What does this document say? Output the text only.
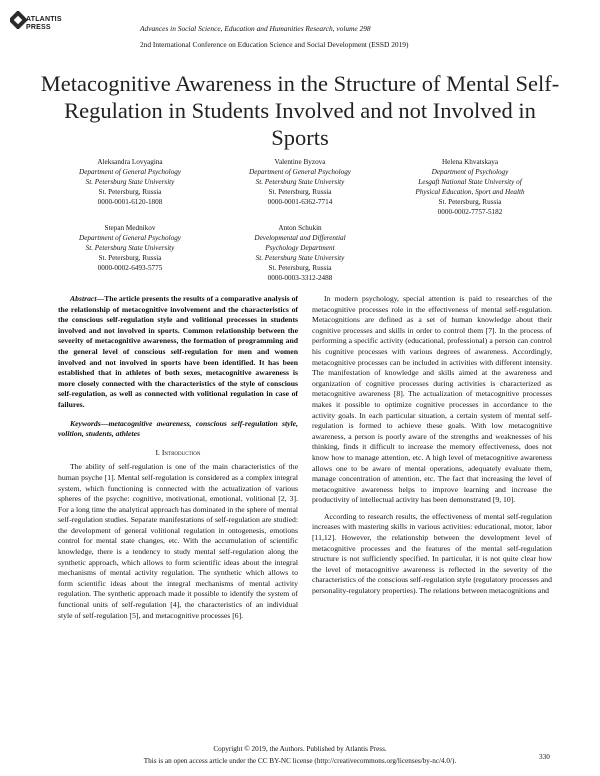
ATLANTIS
PRESS	Advances in Social Science, Education and Humanities Research, volume 298
2nd International Conference on Education Science and Social Development (ESSD 2019)
Metacognitive Awareness in the Structure of Mental Self-Regulation in Students Involved and not Involved in Sports
Aleksandra Lovyagina
Department of General Psychology
St. Petersburg State University
St. Petersburg, Russia
0000-0001-6120-1808
Valentine Byzova
Department of General Psychology
St. Petersburg State University
St. Petersburg, Russia
0000-0001-6362-7714
Helena Khvatskaya
Department of Psychology
Lesgaft National State University of
Physical Education, Sport and Health
St. Petersburg, Russia
0000-0002-7757-5182
Stepan Mednikov
Department of General Psychology
St. Petersburg State University
St. Petersburg, Russia
0000-0002-6493-5775
Anton Schukin
Developmental and Differential
Psychology Department
St. Petersburg State University
St. Petersburg, Russia
0000-0003-3312-2488

Abstract—The article presents the results of a comparative analysis of the relationship of metacognitive involvement and the characteristics of the conscious self-regulation style and volitional processes in students involved and not involved in sports. Common relationship between the severity of metacognitive awareness, the formation of programming and the general level of conscious self-regulation for men and women involved and not involved in sports have been identified. It has been established that in athletes of both sexes, metacognitive awareness is more closely connected with the characteristics of the style of conscious self-regulation, as well as connected with volitional regulation in case of failures.

Keywords—metacognitive awareness, conscious self-regulation style, volition, students, athletes

I. Introduction

The ability of self-regulation is one of the main characteristics of the human psyche [1]. Mental self-regulation is considered as a complex integral system, which functioning is connected with the actualization of various spheres of the psyche: cognitive, motivational, emotional, volitional [2, 3]. For a long time the analytical approach has dominated in the sphere of mental self-regulation studies. Separate manifestations of self-regulation are studied: the development of general volitional regulation in ontogenesis, emotions control for mental state changes, etc. With the accumulation of scientific knowledge, there is a tendency to study mental self-regulation along the synthetic approach, which allows to form scientific ideas about the integral mechanisms of mental activity regulation. The synthetic which allows to form scientific ideas about the integral mechanisms of mental activity regulation. The synthetic approach made it possible to identify the system of functional units of self-regulation [4], the characteristics of an individual style of self-regulation [5], and metacognitive processes [6].

In modern psychology, special attention is paid to researches of the metacognitive processes role in the effectiveness of mental self-regulation. Metacognitions are defined as a set of human knowledge about their cognitive processes and skills in order to control them [7]. In the process of performing a specific activity (educational, professional) a person can control his cognitive processes with various degrees of awareness. Accordingly, metacognitive processes can be included in activities with different intensity. The manifestation of knowledge and skills aimed at the awareness and organization of cognitive processes during activities is characterized as metacognitive awareness [8]. The actualization of metacognitive processes makes it possible to optimize cognitive processes in accordance to the activity goals. In each particular situation, a certain system of mental self-regulation is formed to achieve these goals. With low metacognitive awareness, a person is poorly aware of the strengths and weaknesses of his thinking, finds it difficult to increase the memory effectiveness, does not know how to manage attention, etc. A high level of metacognitive awareness allows one to be aware of mental operations, adequately evaluate them, manage concentration of attention, etc. The fact that increasing the level of metacognitive awareness helps to improve learning and increase the productivity of intellectual activity has been demonstrated [9, 10].

According to research results, the effectiveness of mental self-regulation increases with mastering skills in various activities: educational, motor, labor [11,12]. However, the relationship between the development level of metacognitive processes and the features of the mental self-regulation structure is not sufficiently specified. In particular, it is not quite clear how the level of metacognitive awareness is reflected in the severity of the characteristics of the conscious self-regulation style (regulatory processes and personality-regulatory properties). The relations between metacognitions and

Copyright © 2019, the Authors. Published by Atlantis Press.
This is an open access article under the CC BY-NC license (http://creativecommons.org/licenses/by-nc/4.0/).	330
